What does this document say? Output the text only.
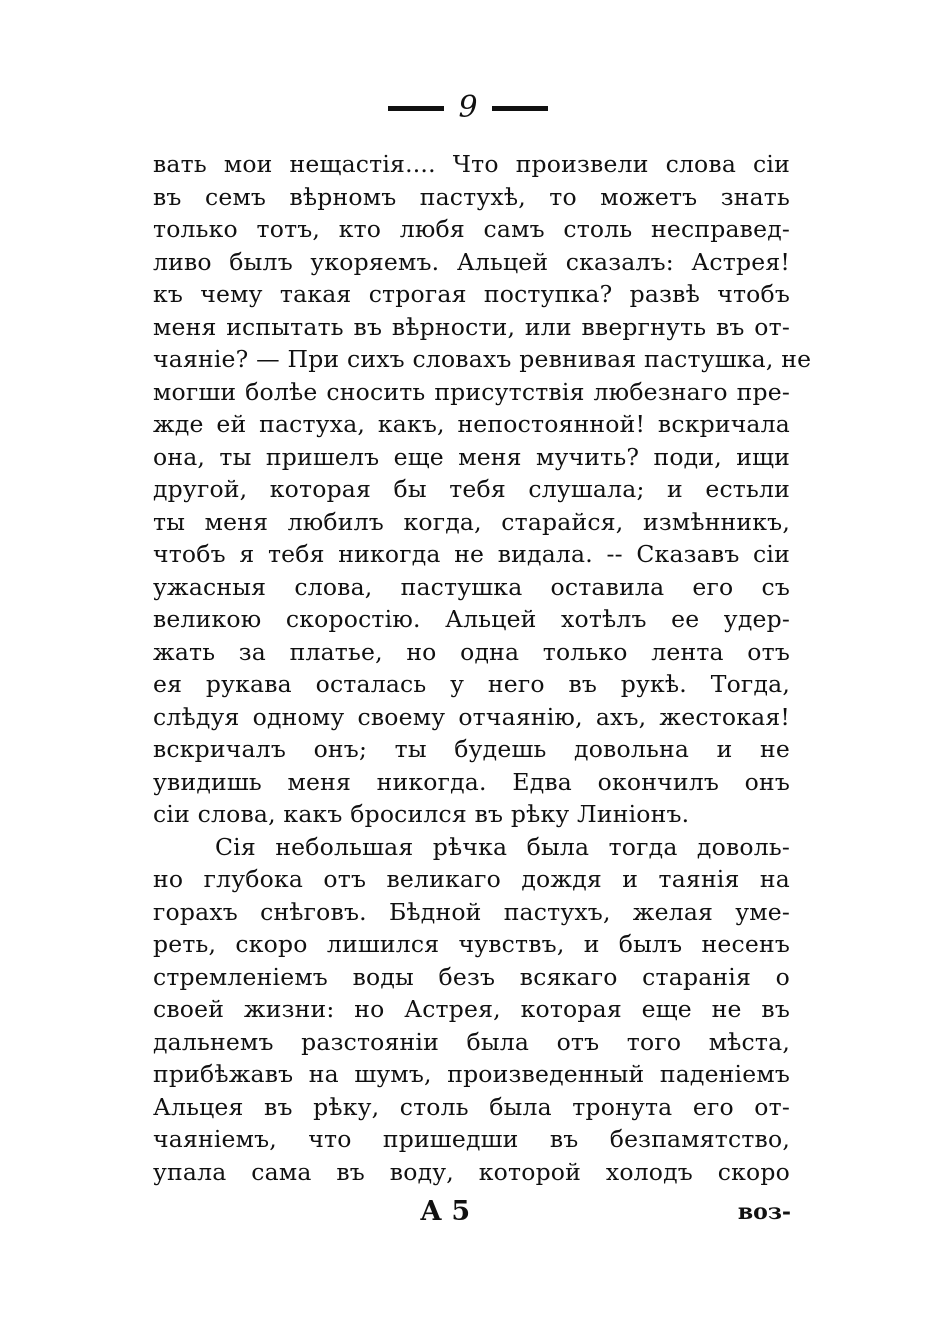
9
вать мои нещастія.... Что произвели слова сіи
въ семъ вѣрномъ пастухѣ, то можетъ знать
только тотъ, кто любя самъ столь несправед-
ливо былъ укоряемъ. Альцей сказалъ: Астрея!
къ чему такая строгая поступка? развѣ чтобъ
меня испытать въ вѣрности, или ввергнуть въ от-
чаяніе? — При сихъ словахъ ревнивая пастушка, не
могши болѣе сносить присутствія любезнаго пре-
жде ей пастуха, какъ, непостоянной! вскричала
она, ты пришелъ еще меня мучить? поди, ищи
другой, которая бы тебя слушала; и естьли
ты меня любилъ когда, старайся, измѣнникъ,
чтобъ я тебя никогда не видала. -- Сказавъ сіи
ужасныя слова, пастушка оставила его съ
великою скоростію. Альцей хотѣлъ ее удер-
жать за платье, но одна только лента отъ
ея рукава осталась у него въ рукѣ. Тогда,
слѣдуя одному своему отчаянію, ахъ, жестокая!
вскричалъ онъ; ты будешь довольна и не
увидишь меня никогда. Едва окончилъ онъ
сіи слова, какъ бросился въ рѣку Линіонъ.
Сія небольшая рѣчка была тогда доволь-
но глубока отъ великаго дождя и таянія на
горахъ снѣговъ. Бѣдной пастухъ, желая уме-
реть, скоро лишился чувствъ, и былъ несенъ
стремленіемъ воды безъ всякаго старанія о
своей жизни: но Астрея, которая еще не въ
дальнемъ разстояніи была отъ того мѣста,
прибѣжавъ на шумъ, произведенный паденіемъ
Альцея въ рѣку, столь была тронута его от-
чаяніемъ, что пришедши въ безпамятство,
упала сама въ воду, которой холодъ скоро
А 5	воз-
